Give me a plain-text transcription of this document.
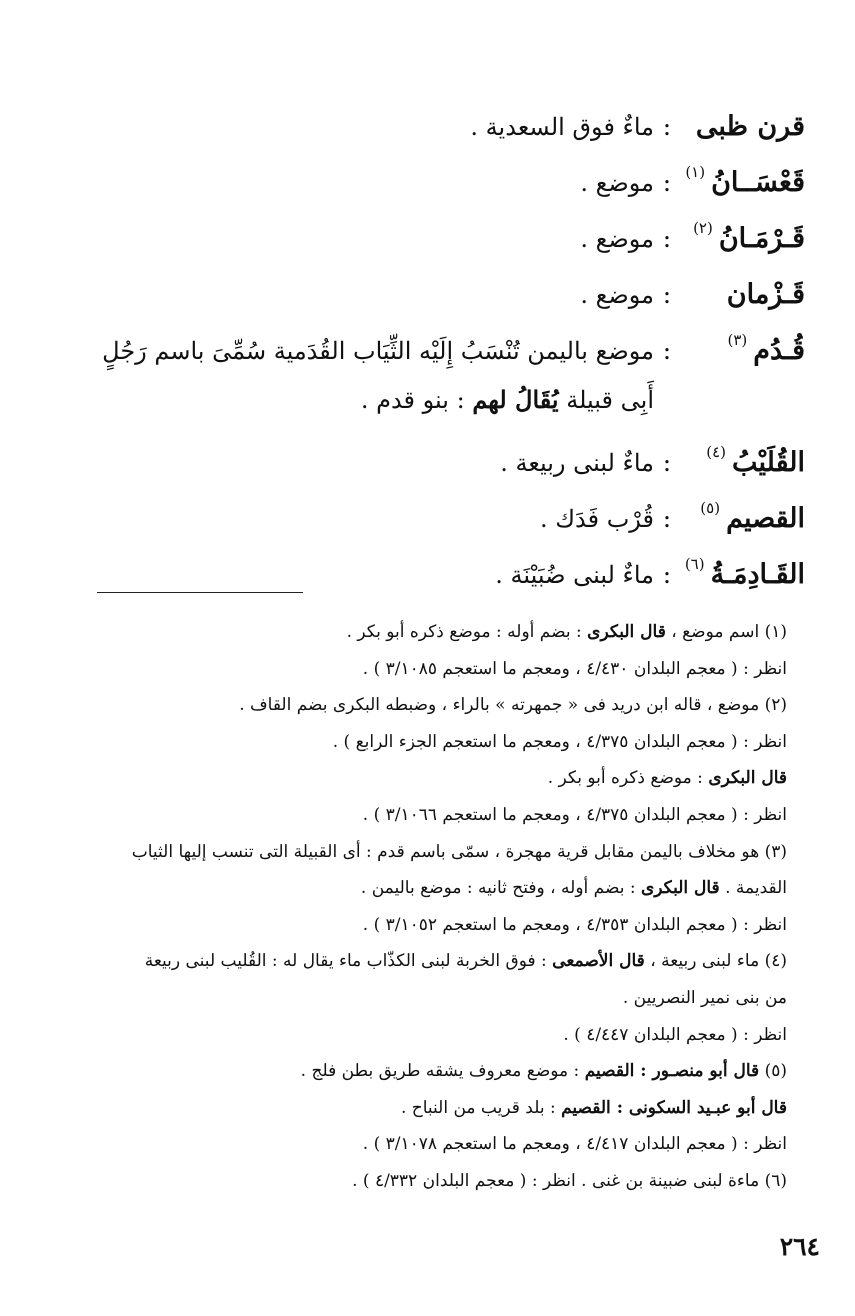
قرن ظبى
:
ماءٌ فوق السعدية .
قَعْسَــانُ$^{(١)}$
:
موضع .
قَـرْمَـانُ$^{(٢)}$
:
موضع .
قَـزْمان
:
موضع .
قُـدُم$^{(٣)}$
:
موضع باليمن تُنْسَبُ إِلَيْه الثِّيَاب القُدَمية سُمِّىَ باسم رَجُلٍ
أَبِى قبيلة يُقَالُ لهم : بنو قدم .
القُلَيْبُ$^{(٤)}$
:
ماءٌ لبنى ربيعة .
القصيم$^{(٥)}$
:
قُرْب فَدَك .
القَـادِمَـةُ$^{(٦)}$
:
ماءٌ لبنى ضُبَيْنَة .
(١) اسم موضع ، قال البكرى : بضم أوله : موضع ذكره أبو بكر .
انظر : ( معجم البلدان ٤/٤٣٠ ، ومعجم ما استعجم ٣/١٠٨٥ ) .
(٢) موضع ، قاله ابن دريد فى « جمهرته » بالراء ، وضبطه البكرى بضم القاف .
انظر : ( معجم البلدان ٤/٣٧٥ ، ومعجم ما استعجم الجزء الرابع ) .
قال البكرى : موضع ذكره أبو بكر .
انظر : ( معجم البلدان ٤/٣٧٥ ، ومعجم ما استعجم ٣/١٠٦٦ ) .
(٣) هو مخلاف باليمن مقابل قرية مهجرة ، سمّى باسم قدم : أى القبيلة التى تنسب إليها الثياب
القديمة . قال البكرى : بضم أوله ، وفتح ثانيه : موضع باليمن .
انظر : ( معجم البلدان ٤/٣٥٣ ، ومعجم ما استعجم ٣/١٠٥٢ ) .
(٤) ماء لبنى ربيعة ، قال الأصمعى : فوق الخربة لبنى الكذّاب ماء يقال له : القُليب لبنى ربيعة
من بنى نمير النصريين .
انظر : ( معجم البلدان ٤/٤٤٧ ) .
(٥) قال أبو منصـور : القصيم : موضع معروف يشقه طريق بطن فلج .
قال أبو عبـيد السكونى : القصيم : بلد قريب من النباح .
انظر : ( معجم البلدان ٤/٤١٧ ، ومعجم ما استعجم ٣/١٠٧٨ ) .
(٦) ماءة لبنى ضبينة بن غنى . انظر : ( معجم البلدان ٤/٣٣٢ ) .
٢٦٤
